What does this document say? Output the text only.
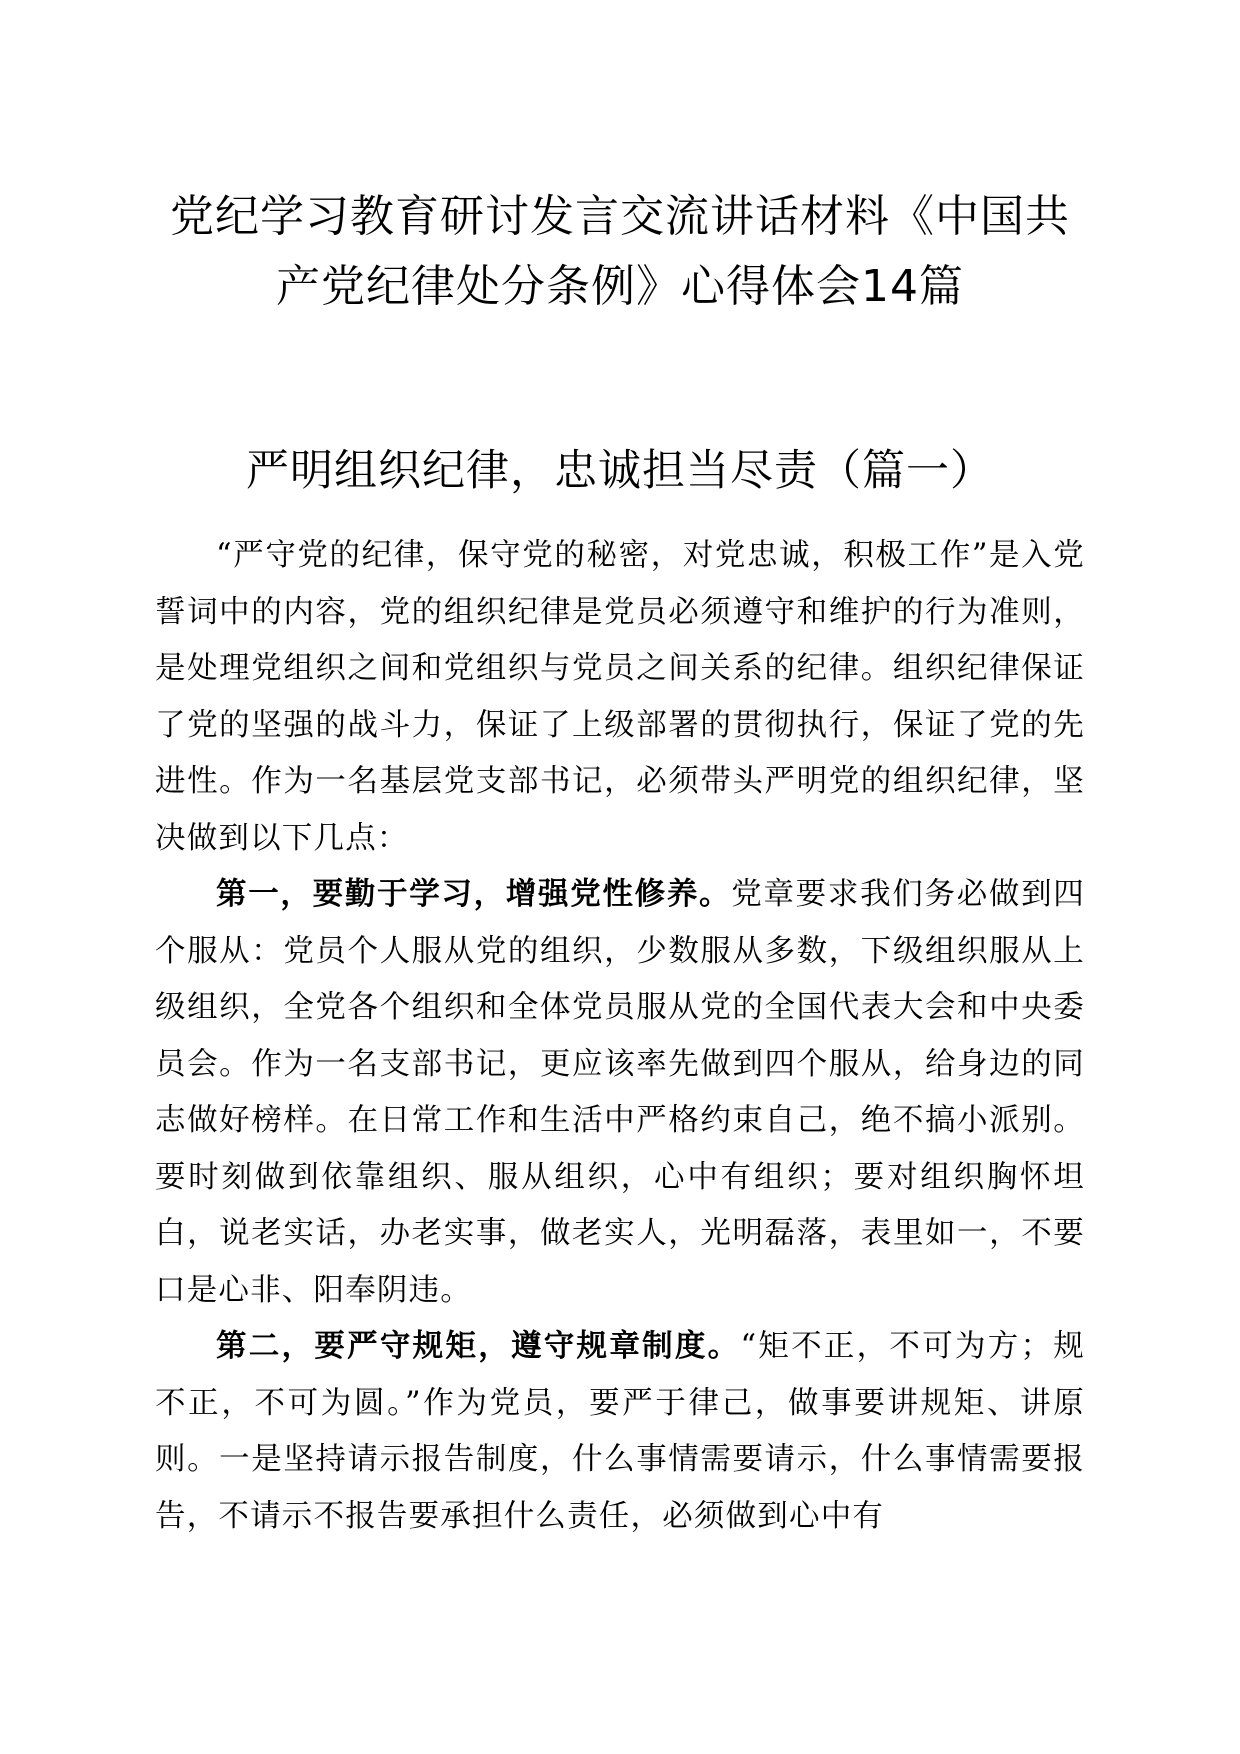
党纪学习教育研讨发言交流讲话材料《中国共
产党纪律处分条例》心得体会14篇
严明组织纪律，忠诚担当尽责（篇一）

“严守党的纪律，保守党的秘密，对党忠诚，积极工作”是入党誓词中的内容，党的组织纪律是党员必须遵守和维护的行为准则，是处理党组织之间和党组织与党员之间关系的纪律。组织纪律保证了党的坚强的战斗力，保证了上级部署的贯彻执行，保证了党的先进性。作为一名基层党支部书记，必须带头严明党的组织纪律，坚决做到以下几点：

第一，要勤于学习，增强党性修养。党章要求我们务必做到四个服从：党员个人服从党的组织，少数服从多数，下级组织服从上级组织，全党各个组织和全体党员服从党的全国代表大会和中央委员会。作为一名支部书记，更应该率先做到四个服从，给身边的同志做好榜样。在日常工作和生活中严格约束自己，绝不搞小派别。要时刻做到依靠组织、服从组织，心中有组织；要对组织胸怀坦白，说老实话，办老实事，做老实人，光明磊落，表里如一，不要口是心非、阳奉阴违。

第二，要严守规矩，遵守规章制度。“矩不正，不可为方；规不正，不可为圆。”作为党员，要严于律己，做事要讲规矩、讲原则。一是坚持请示报告制度，什么事情需要请示，什么事情需要报告，不请示不报告要承担什么责任，必须做到心中有
